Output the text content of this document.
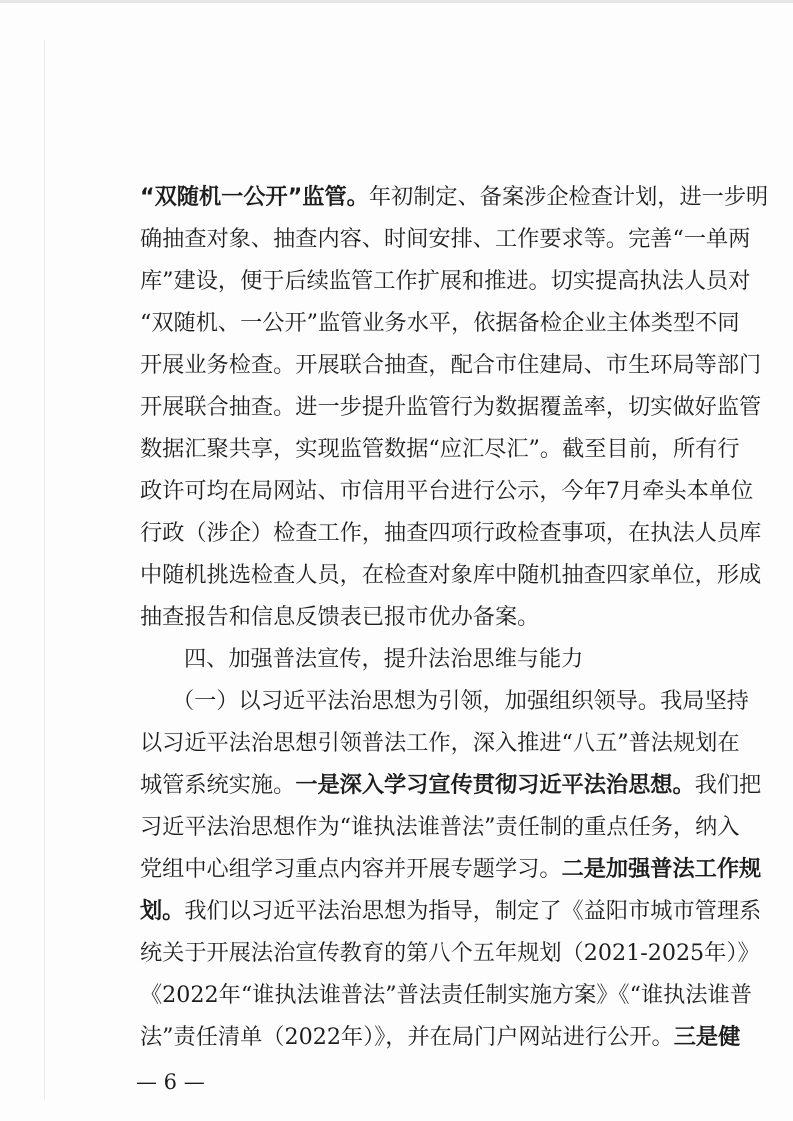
“双随机一公开”监管。年初制定、备案涉企检查计划，进一步明
确抽查对象、抽查内容、时间安排、工作要求等。完善“一单两
库”建设，便于后续监管工作扩展和推进。切实提高执法人员对
“双随机、一公开”监管业务水平，依据备检企业主体类型不同
开展业务检查。开展联合抽查，配合市住建局、市生环局等部门
开展联合抽查。进一步提升监管行为数据覆盖率，切实做好监管
数据汇聚共享，实现监管数据“应汇尽汇”。截至目前，所有行
政许可均在局网站、市信用平台进行公示，今年7月牵头本单位
行政（涉企）检查工作，抽查四项行政检查事项，在执法人员库
中随机挑选检查人员，在检查对象库中随机抽查四家单位，形成
抽查报告和信息反馈表已报市优办备案。
四、加强普法宣传，提升法治思维与能力
（一）以习近平法治思想为引领，加强组织领导。我局坚持
以习近平法治思想引领普法工作，深入推进“八五”普法规划在
城管系统实施。一是深入学习宣传贯彻习近平法治思想。我们把
习近平法治思想作为“谁执法谁普法”责任制的重点任务，纳入
党组中心组学习重点内容并开展专题学习。二是加强普法工作规
划。我们以习近平法治思想为指导，制定了《益阳市城市管理系
统关于开展法治宣传教育的第八个五年规划（2021-2025年）》
《2022年“谁执法谁普法”普法责任制实施方案》《“谁执法谁普
法”责任清单（2022年）》，并在局门户网站进行公开。三是健
— 6 —
